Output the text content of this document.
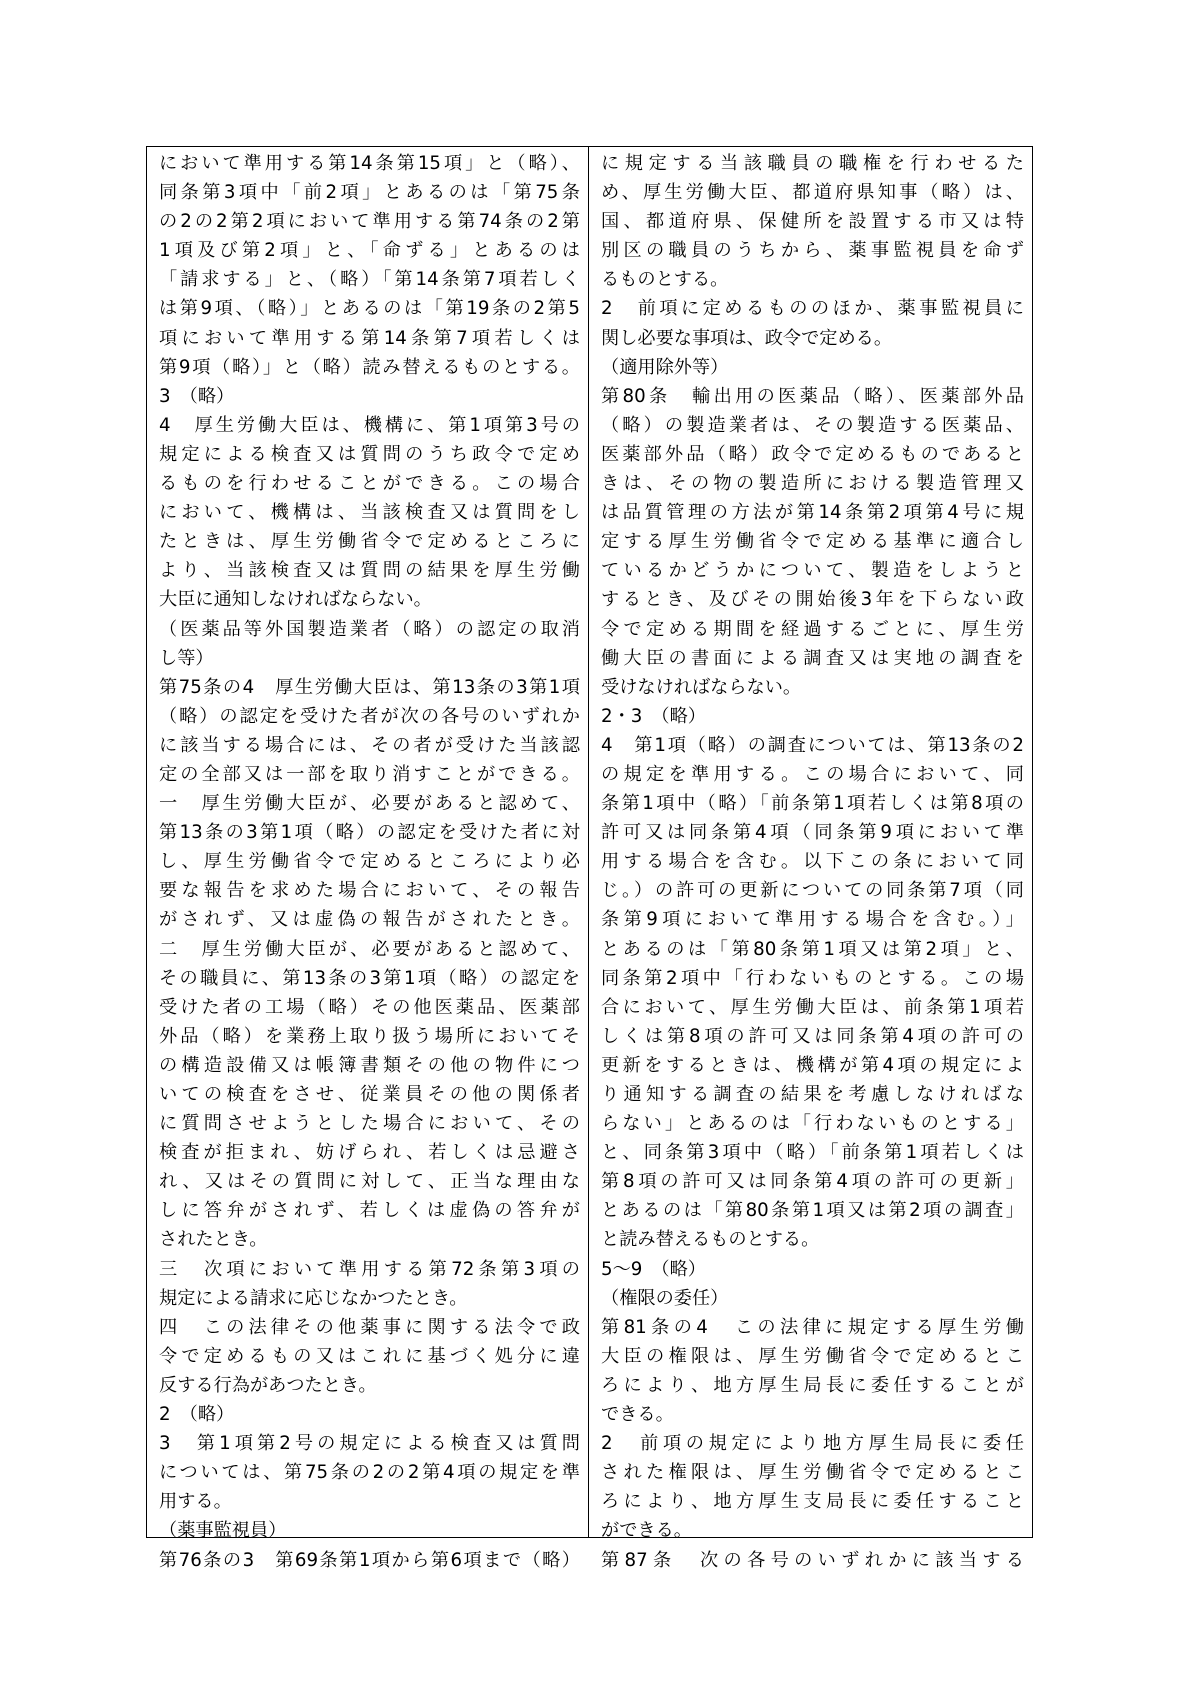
において準用する第14条第15項」と（略）、
同条第3項中「前2項」とあるのは「第75条
の2の2第2項において準用する第74条の2第
1項及び第2項」と、「命ずる」とあるのは
「請求する」と、（略）「第14条第7項若しく
は第9項、（略）」とあるのは「第19条の2第5
項において準用する第14条第7項若しくは
第9項（略）」と（略）読み替えるものとする。
3　（略）
4　厚生労働大臣は、機構に、第1項第3号の
規定による検査又は質問のうち政令で定め
るものを行わせることができる。この場合
において、機構は、当該検査又は質問をし
たときは、厚生労働省令で定めるところに
より、当該検査又は質問の結果を厚生労働
大臣に通知しなければならない。
（医薬品等外国製造業者（略）の認定の取消
し等）
第75条の4　厚生労働大臣は、第13条の3第1項
（略）の認定を受けた者が次の各号のいずれか
に該当する場合には、その者が受けた当該認
定の全部又は一部を取り消すことができる。
一　厚生労働大臣が、必要があると認めて、
第13条の3第1項（略）の認定を受けた者に対
し、厚生労働省令で定めるところにより必
要な報告を求めた場合において、その報告
がされず、又は虚偽の報告がされたとき。
二　厚生労働大臣が、必要があると認めて、
その職員に、第13条の3第1項（略）の認定を
受けた者の工場（略）その他医薬品、医薬部
外品（略）を業務上取り扱う場所においてそ
の構造設備又は帳簿書類その他の物件につ
いての検査をさせ、従業員その他の関係者
に質問させようとした場合において、その
検査が拒まれ、妨げられ、若しくは忌避さ
れ、又はその質問に対して、正当な理由な
しに答弁がされず、若しくは虚偽の答弁が
されたとき。
三　次項において準用する第72条第3項の
規定による請求に応じなかつたとき。
四　この法律その他薬事に関する法令で政
令で定めるもの又はこれに基づく処分に違
反する行為があつたとき。
2　（略）
3　第1項第2号の規定による検査又は質問
については、第75条の2の2第4項の規定を準
用する。
（薬事監視員）
第76条の3　第69条第1項から第6項まで（略）
に規定する当該職員の職権を行わせるた
め、厚生労働大臣、都道府県知事（略）は、
国、都道府県、保健所を設置する市又は特
別区の職員のうちから、薬事監視員を命ず
るものとする。
2　前項に定めるもののほか、薬事監視員に
関し必要な事項は、政令で定める。
（適用除外等）
第80条　輸出用の医薬品（略）、医薬部外品
（略）の製造業者は、その製造する医薬品、
医薬部外品（略）政令で定めるものであると
きは、その物の製造所における製造管理又
は品質管理の方法が第14条第2項第4号に規
定する厚生労働省令で定める基準に適合し
ているかどうかについて、製造をしようと
するとき、及びその開始後3年を下らない政
令で定める期間を経過するごとに、厚生労
働大臣の書面による調査又は実地の調査を
受けなければならない。
2・3　（略）
4　第1項（略）の調査については、第13条の2
の規定を準用する。この場合において、同
条第1項中（略）「前条第1項若しくは第8項の
許可又は同条第4項（同条第9項において準
用する場合を含む。以下この条において同
じ。）の許可の更新についての同条第7項（同
条第9項において準用する場合を含む。）」
とあるのは「第80条第1項又は第2項」と、
同条第2項中「行わないものとする。この場
合において、厚生労働大臣は、前条第1項若
しくは第8項の許可又は同条第4項の許可の
更新をするときは、機構が第4項の規定によ
り通知する調査の結果を考慮しなければな
らない」とあるのは「行わないものとする」
と、同条第3項中（略）「前条第1項若しくは
第8項の許可又は同条第4項の許可の更新」
とあるのは「第80条第1項又は第2項の調査」
と読み替えるものとする。
5～9　（略）
（権限の委任）
第81条の4　この法律に規定する厚生労働
大臣の権限は、厚生労働省令で定めるとこ
ろにより、地方厚生局長に委任することが
できる。
2　前項の規定により地方厚生局長に委任
された権限は、厚生労働省令で定めるとこ
ろにより、地方厚生支局長に委任すること
ができる。
第87条　次の各号のいずれかに該当する
